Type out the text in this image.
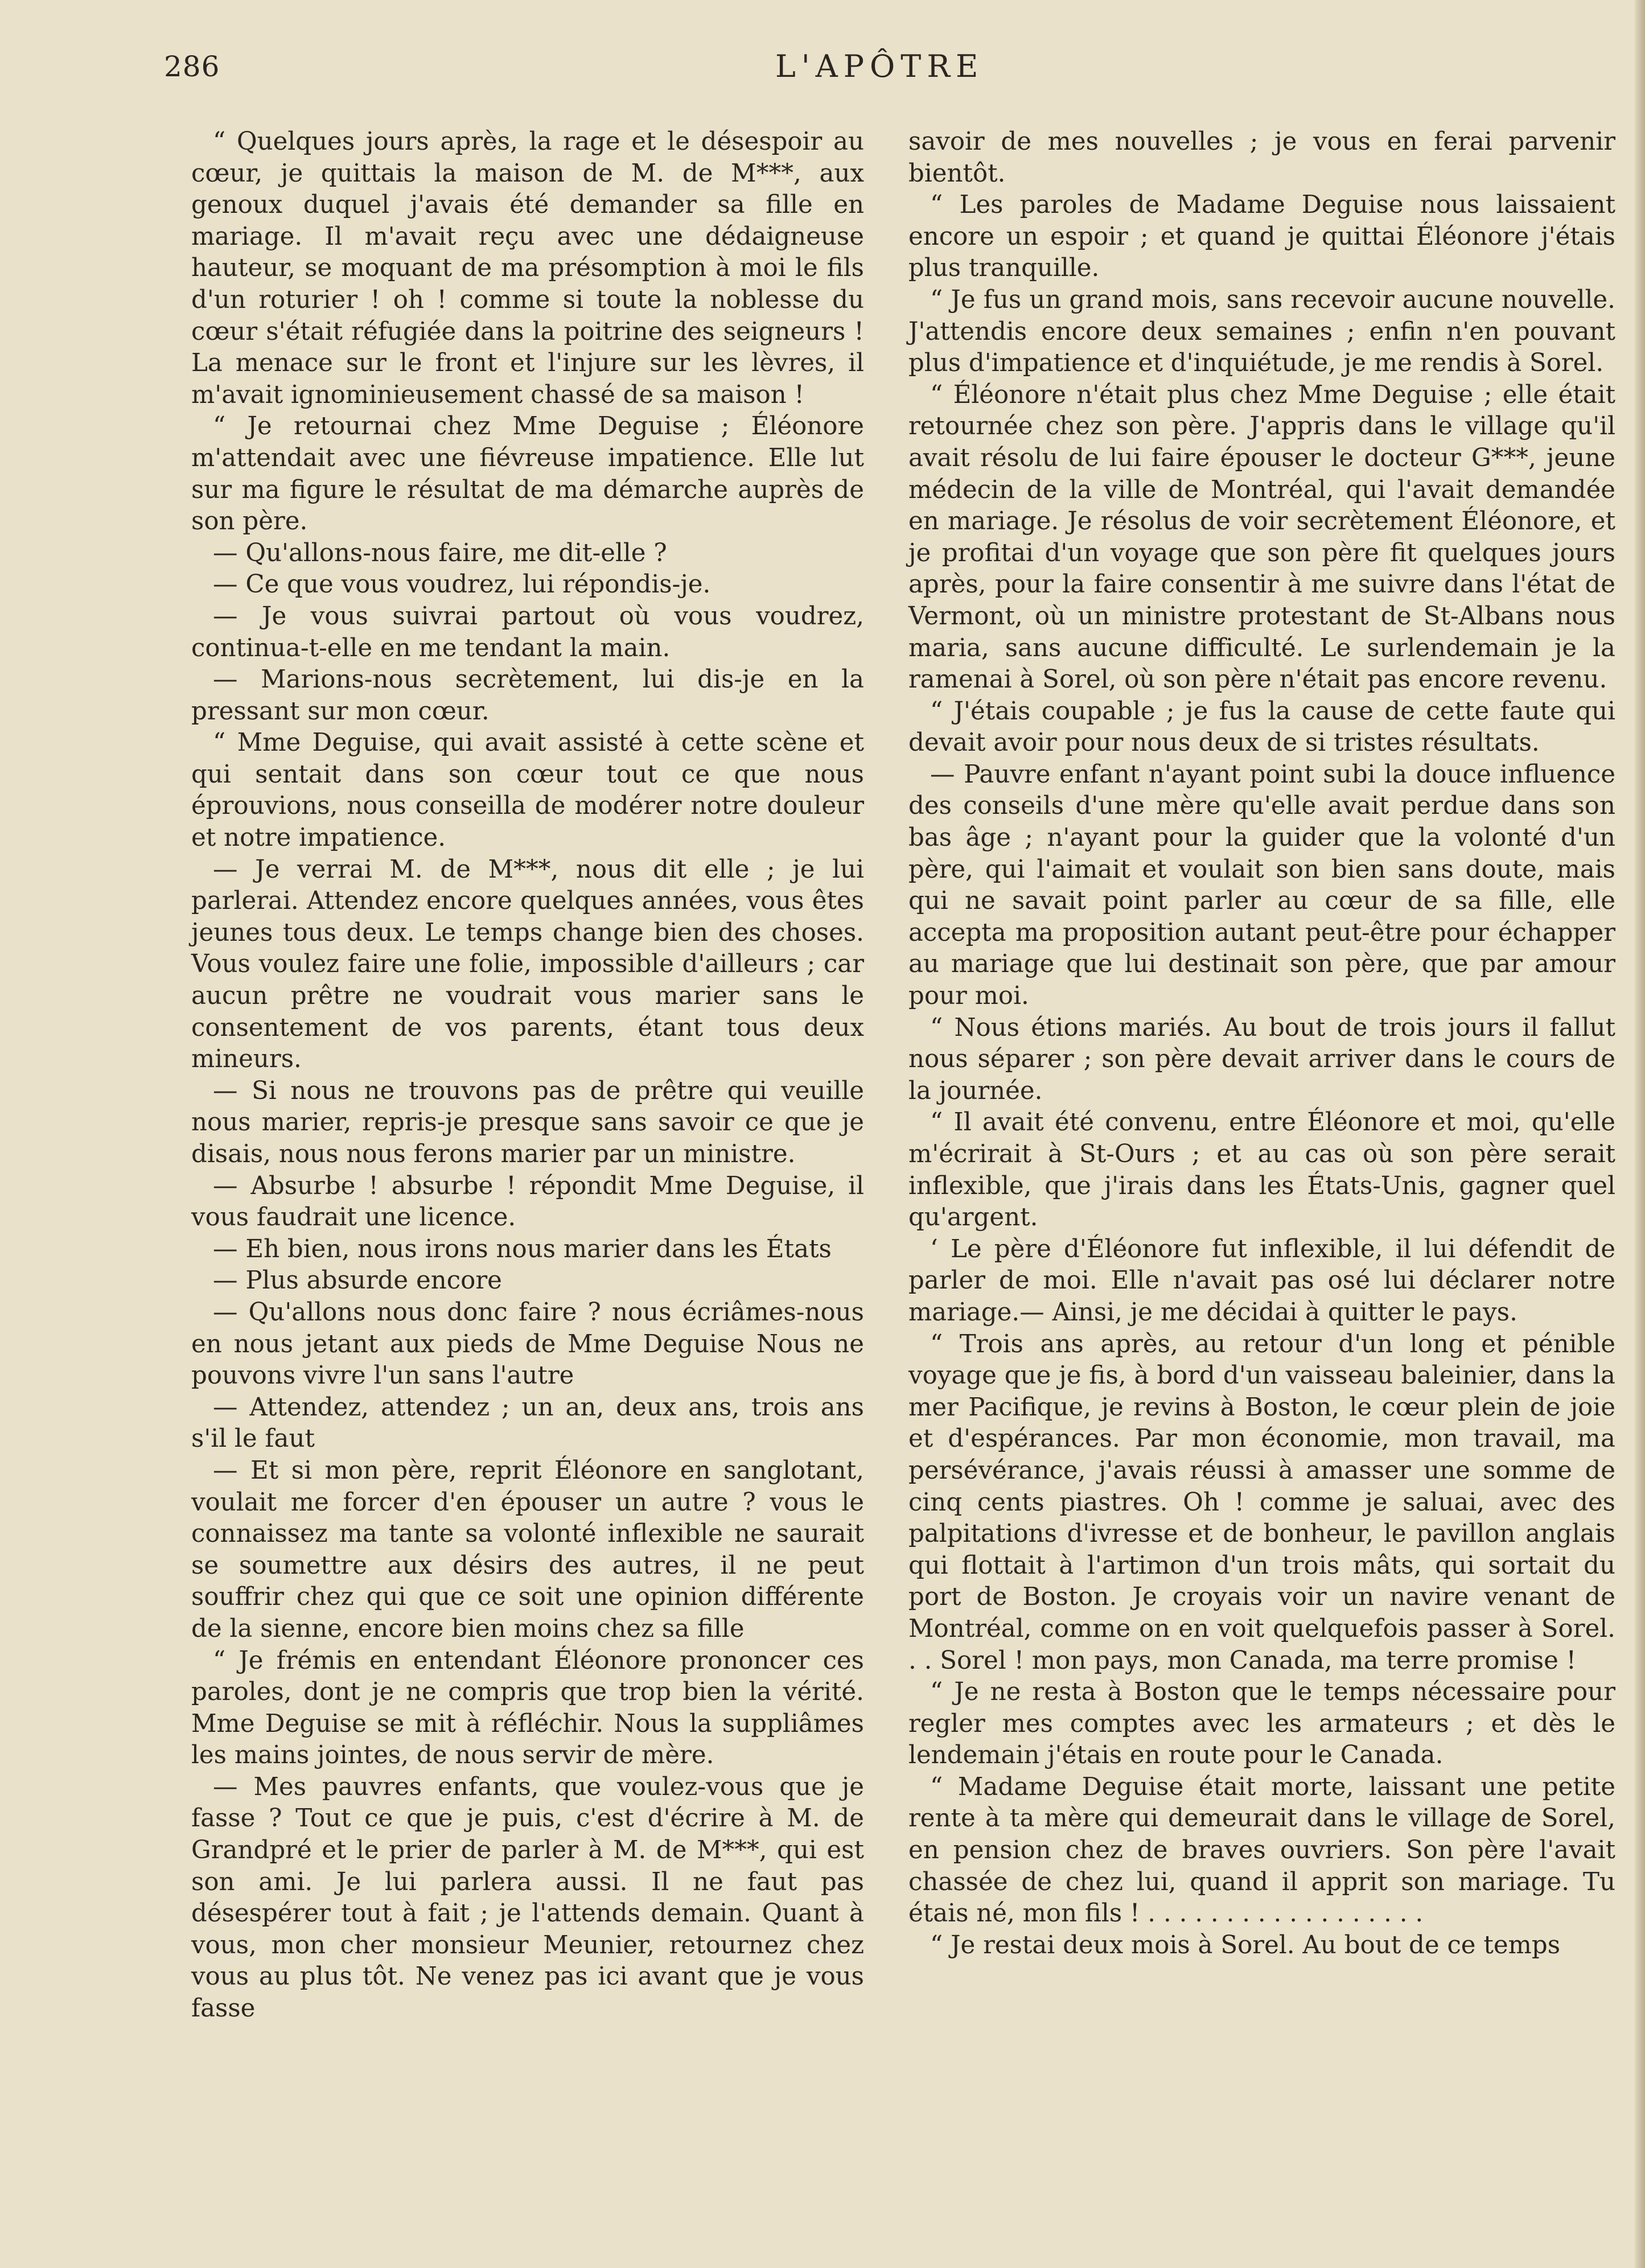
286	L'APÔTRE

“ Quelques jours après, la rage et le désespoir au cœur, je quittais la maison de M. de M***, aux genoux duquel j'avais été demander sa fille en mariage. Il m'avait reçu avec une dédaigneuse hauteur, se moquant de ma présomption à moi le fils d'un roturier ! oh ! comme si toute la noblesse du cœur s'était réfugiée dans la poitrine des seigneurs ! La menace sur le front et l'injure sur les lèvres, il m'avait ignominieusement chassé de sa maison !

“ Je retournai chez Mme Deguise ; Éléonore m'attendait avec une fiévreuse impatience. Elle lut sur ma figure le résultat de ma démarche auprès de son père.

— Qu'allons-nous faire, me dit-elle ?

— Ce que vous voudrez, lui répondis-je.

— Je vous suivrai partout où vous voudrez, continua-t-elle en me tendant la main.

— Marions-nous secrètement, lui dis-je en la pressant sur mon cœur.

“ Mme Deguise, qui avait assisté à cette scène et qui sentait dans son cœur tout ce que nous éprouvions, nous conseilla de modérer notre douleur et notre impatience.

— Je verrai M. de M***, nous dit elle ; je lui parlerai. Attendez encore quelques années, vous êtes jeunes tous deux. Le temps change bien des choses. Vous voulez faire une folie, impossible d'ailleurs ; car aucun prêtre ne voudrait vous marier sans le consentement de vos parents, étant tous deux mineurs.

— Si nous ne trouvons pas de prêtre qui veuille nous marier, repris-je presque sans savoir ce que je disais, nous nous ferons marier par un ministre.

— Absurbe ! absurbe ! répondit Mme Deguise, il vous faudrait une licence.

— Eh bien, nous irons nous marier dans les États

— Plus absurde encore

— Qu'allons nous donc faire ? nous écriâmes-nous en nous jetant aux pieds de Mme Deguise Nous ne pouvons vivre l'un sans l'autre

— Attendez, attendez ; un an, deux ans, trois ans s'il le faut

— Et si mon père, reprit Éléonore en sanglotant, voulait me forcer d'en épouser un autre ? vous le connaissez ma tante sa volonté inflexible ne saurait se soumettre aux désirs des autres, il ne peut souffrir chez qui que ce soit une opinion différente de la sienne, encore bien moins chez sa fille

“ Je frémis en entendant Éléonore prononcer ces paroles, dont je ne compris que trop bien la vérité. Mme Deguise se mit à réfléchir. Nous la suppliâmes les mains jointes, de nous servir de mère.

— Mes pauvres enfants, que voulez-vous que je fasse ? Tout ce que je puis, c'est d'écrire à M. de Grandpré et le prier de parler à M. de M***, qui est son ami. Je lui parlera aussi. Il ne faut pas désespérer tout à fait ; je l'attends demain. Quant à vous, mon cher monsieur Meunier, retournez chez vous au plus tôt. Ne venez pas ici avant que je vous fasse

savoir de mes nouvelles ; je vous en ferai parvenir bientôt.

“ Les paroles de Madame Deguise nous laissaient encore un espoir ; et quand je quittai Éléonore j'étais plus tranquille.

“ Je fus un grand mois, sans recevoir aucune nouvelle. J'attendis encore deux semaines ; enfin n'en pouvant plus d'impatience et d'inquiétude, je me rendis à Sorel.

“ Éléonore n'était plus chez Mme Deguise ; elle était retournée chez son père. J'appris dans le village qu'il avait résolu de lui faire épouser le docteur G***, jeune médecin de la ville de Montréal, qui l'avait demandée en mariage. Je résolus de voir secrètement Éléonore, et je profitai d'un voyage que son père fit quelques jours après, pour la faire consentir à me suivre dans l'état de Vermont, où un ministre protestant de St-Albans nous maria, sans aucune difficulté. Le surlendemain je la ramenai à Sorel, où son père n'était pas encore revenu.

“ J'étais coupable ; je fus la cause de cette faute qui devait avoir pour nous deux de si tristes résultats.

— Pauvre enfant n'ayant point subi la douce influence des conseils d'une mère qu'elle avait perdue dans son bas âge ; n'ayant pour la guider que la volonté d'un père, qui l'aimait et voulait son bien sans doute, mais qui ne savait point parler au cœur de sa fille, elle accepta ma proposition autant peut-être pour échapper au mariage que lui destinait son père, que par amour pour moi.

“ Nous étions mariés. Au bout de trois jours il fallut nous séparer ; son père devait arriver dans le cours de la journée.

“ Il avait été convenu, entre Éléonore et moi, qu'elle m'écrirait à St-Ours ; et au cas où son père serait inflexible, que j'irais dans les États-Unis, gagner quel qu'argent.

‘ Le père d'Éléonore fut inflexible, il lui défendit de parler de moi. Elle n'avait pas osé lui déclarer notre mariage.— Ainsi, je me décidai à quitter le pays.

“ Trois ans après, au retour d'un long et pénible voyage que je fis, à bord d'un vaisseau baleinier, dans la mer Pacifique, je revins à Boston, le cœur plein de joie et d'espérances. Par mon économie, mon travail, ma persévérance, j'avais réussi à amasser une somme de cinq cents piastres. Oh ! comme je saluai, avec des palpitations d'ivresse et de bonheur, le pavillon anglais qui flottait à l'artimon d'un trois mâts, qui sortait du port de Boston. Je croyais voir un navire venant de Montréal, comme on en voit quelquefois passer à Sorel. . . Sorel ! mon pays, mon Canada, ma terre promise !

“ Je ne resta à Boston que le temps nécessaire pour regler mes comptes avec les armateurs ; et dès le lendemain j'étais en route pour le Canada.

“ Madame Deguise était morte, laissant une petite rente à ta mère qui demeurait dans le village de Sorel, en pension chez de braves ouvriers. Son père l'avait chassée de chez lui, quand il apprit son mariage. Tu étais né, mon fils ! . . . . . . . . . . . . . . . . . .

“ Je restai deux mois à Sorel. Au bout de ce temps
